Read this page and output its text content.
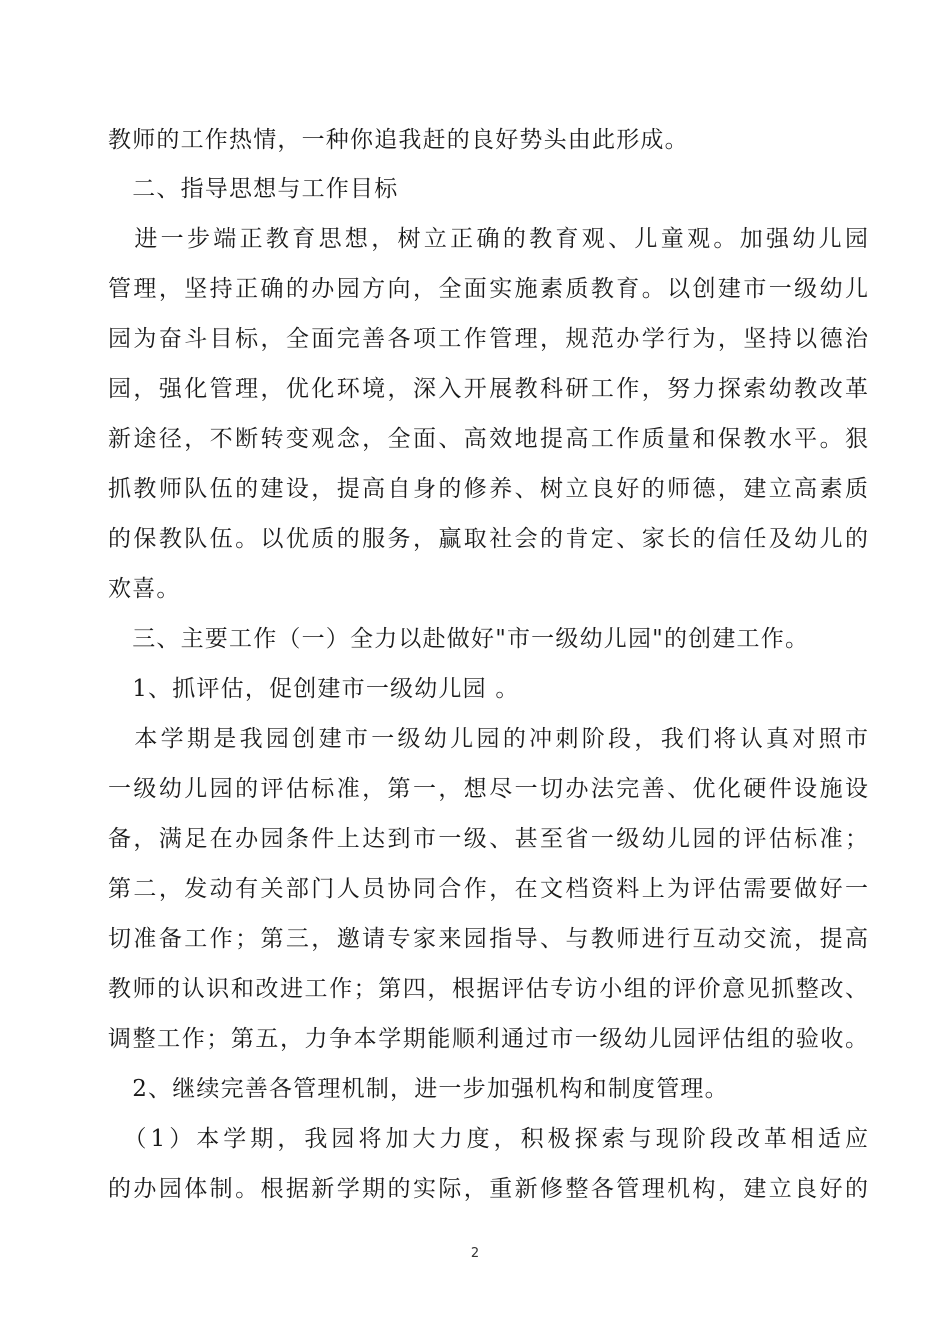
教师的工作热情，一种你追我赶的良好势头由此形成。
　二、指导思想与工作目标
　进一步端正教育思想，树立正确的教育观、儿童观。加强幼儿园
管理，坚持正确的办园方向，全面实施素质教育。以创建市一级幼儿
园为奋斗目标，全面完善各项工作管理，规范办学行为，坚持以德治
园，强化管理，优化环境，深入开展教科研工作，努力探索幼教改革
新途径，不断转变观念，全面、高效地提高工作质量和保教水平。狠
抓教师队伍的建设，提高自身的修养、树立良好的师德，建立高素质
的保教队伍。以优质的服务，赢取社会的肯定、家长的信任及幼儿的
欢喜。
　三、主要工作（一）全力以赴做好"市一级幼儿园"的创建工作。
　1、抓评估，促创建市一级幼儿园 。
　本学期是我园创建市一级幼儿园的冲刺阶段，我们将认真对照市
一级幼儿园的评估标准，第一，想尽一切办法完善、优化硬件设施设
备，满足在办园条件上达到市一级、甚至省一级幼儿园的评估标准；
第二，发动有关部门人员协同合作，在文档资料上为评估需要做好一
切准备工作；第三，邀请专家来园指导、与教师进行互动交流，提高
教师的认识和改进工作；第四，根据评估专访小组的评价意见抓整改、
调整工作；第五，力争本学期能顺利通过市一级幼儿园评估组的验收。
　2、继续完善各管理机制，进一步加强机构和制度管理。
　（1）本学期，我园将加大力度，积极探索与现阶段改革相适应
的办园体制。根据新学期的实际，重新修整各管理机构，建立良好的
2
